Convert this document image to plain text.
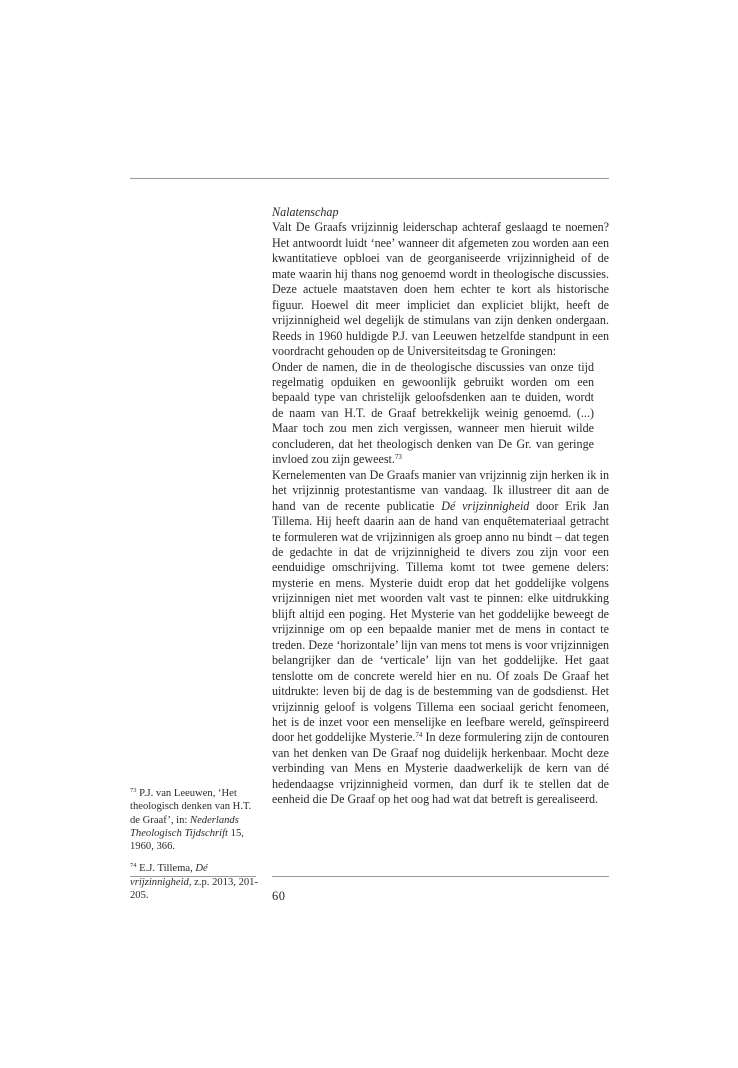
Nalatenschap

Valt De Graafs vrijzinnig leiderschap achteraf geslaagd te noemen? Het antwoordt luidt ‘nee’ wanneer dit afgemeten zou worden aan een kwantitatieve opbloei van de georganiseerde vrijzinnigheid of de mate waarin hij thans nog genoemd wordt in theologische discussies. Deze actuele maatstaven doen hem echter te kort als historische figuur. Hoewel dit meer impliciet dan expliciet blijkt, heeft de vrijzinnigheid wel degelijk de stimulans van zijn denken ondergaan. Reeds in 1960 huldigde P.J. van Leeuwen hetzelfde standpunt in een voordracht gehouden op de Universiteitsdag te Groningen:

Onder de namen, die in de theologische discussies van onze tijd regelmatig opduiken en gewoonlijk gebruikt worden om een bepaald type van christelijk geloofsdenken aan te duiden, wordt de naam van H.T. de Graaf betrekkelijk weinig genoemd. (...) Maar toch zou men zich vergissen, wanneer men hieruit wilde concluderen, dat het theologisch denken van De Gr. van geringe invloed zou zijn geweest.$^{73}$

Kernelementen van De Graafs manier van vrijzinnig zijn herken ik in het vrijzinnig protestantisme van vandaag. Ik illustreer dit aan de hand van de recente publicatie Dé vrijzinnigheid door Erik Jan Tillema. Hij heeft daarin aan de hand van enquêtemateriaal getracht te formuleren wat de vrijzinnigen als groep anno nu bindt – dat tegen de gedachte in dat de vrijzinnigheid te divers zou zijn voor een eenduidige omschrijving. Tillema komt tot twee gemene delers: mysterie en mens. Mysterie duidt erop dat het goddelijke volgens vrijzinnigen niet met woorden valt vast te pinnen: elke uitdrukking blijft altijd een poging. Het Mysterie van het goddelijke beweegt de vrijzinnige om op een bepaalde manier met de mens in contact te treden. Deze ‘horizontale’ lijn van mens tot mens is voor vrijzinnigen belangrijker dan de ‘verticale’ lijn van het goddelijke. Het gaat tenslotte om de concrete wereld hier en nu. Of zoals De Graaf het uitdrukte: leven bij de dag is de bestemming van de godsdienst. Het vrijzinnig geloof is volgens Tillema een sociaal gericht fenomeen, het is de inzet voor een menselijke en leefbare wereld, geïnspireerd door het goddelijke Mysterie.$^{74}$ In deze formulering zijn de contouren van het denken van De Graaf nog duidelijk herkenbaar. Mocht deze verbinding van Mens en Mysterie daadwerkelijk de kern van dé hedendaagse vrijzinnigheid vormen, dan durf ik te stellen dat de eenheid die De Graaf op het oog had wat dat betreft is gerealiseerd.

$^{73}$ P.J. van Leeuwen, ‘Het theologisch denken van H.T. de Graaf’, in: Nederlands Theologisch Tijdschrift 15, 1960, 366.

$^{74}$ E.J. Tillema, Dé vrijzinnigheid, z.p. 2013, 201-205.	60
